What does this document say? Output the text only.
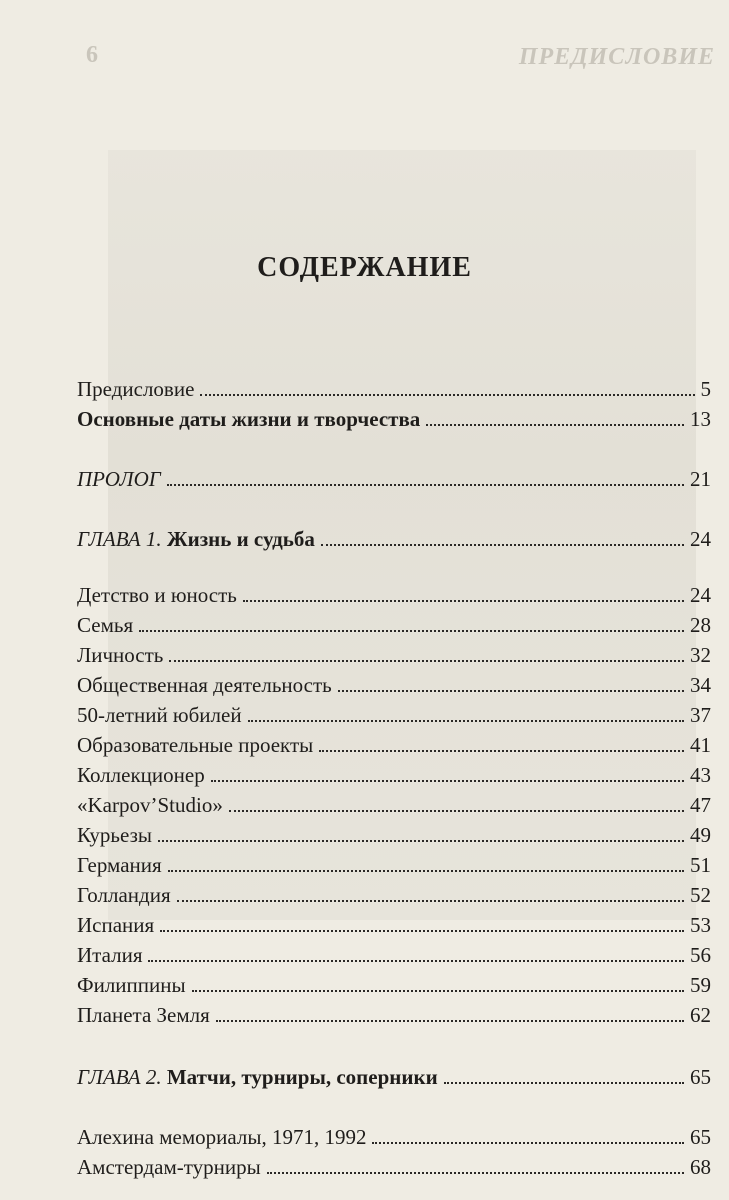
6	ПРЕДИСЛОВИЕ
СОДЕРЖАНИЕ
Предисловие	5
Основные даты жизни и творчества	13
ПРОЛОГ	21
ГЛАВА 1. Жизнь и судьба	24
Детство и юность	24
Семья	28
Личность	32
Общественная деятельность	34
50-летний юбилей	37
Образовательные проекты	41
Коллекционер	43
«Karpov’Studio»	47
Курьезы	49
Германия	51
Голландия	52
Испания	53
Италия	56
Филиппины	59
Планета Земля	62
ГЛАВА 2. Матчи, турниры, соперники	65
Алехина мемориалы, 1971, 1992	65
Амстердам-турниры	68
